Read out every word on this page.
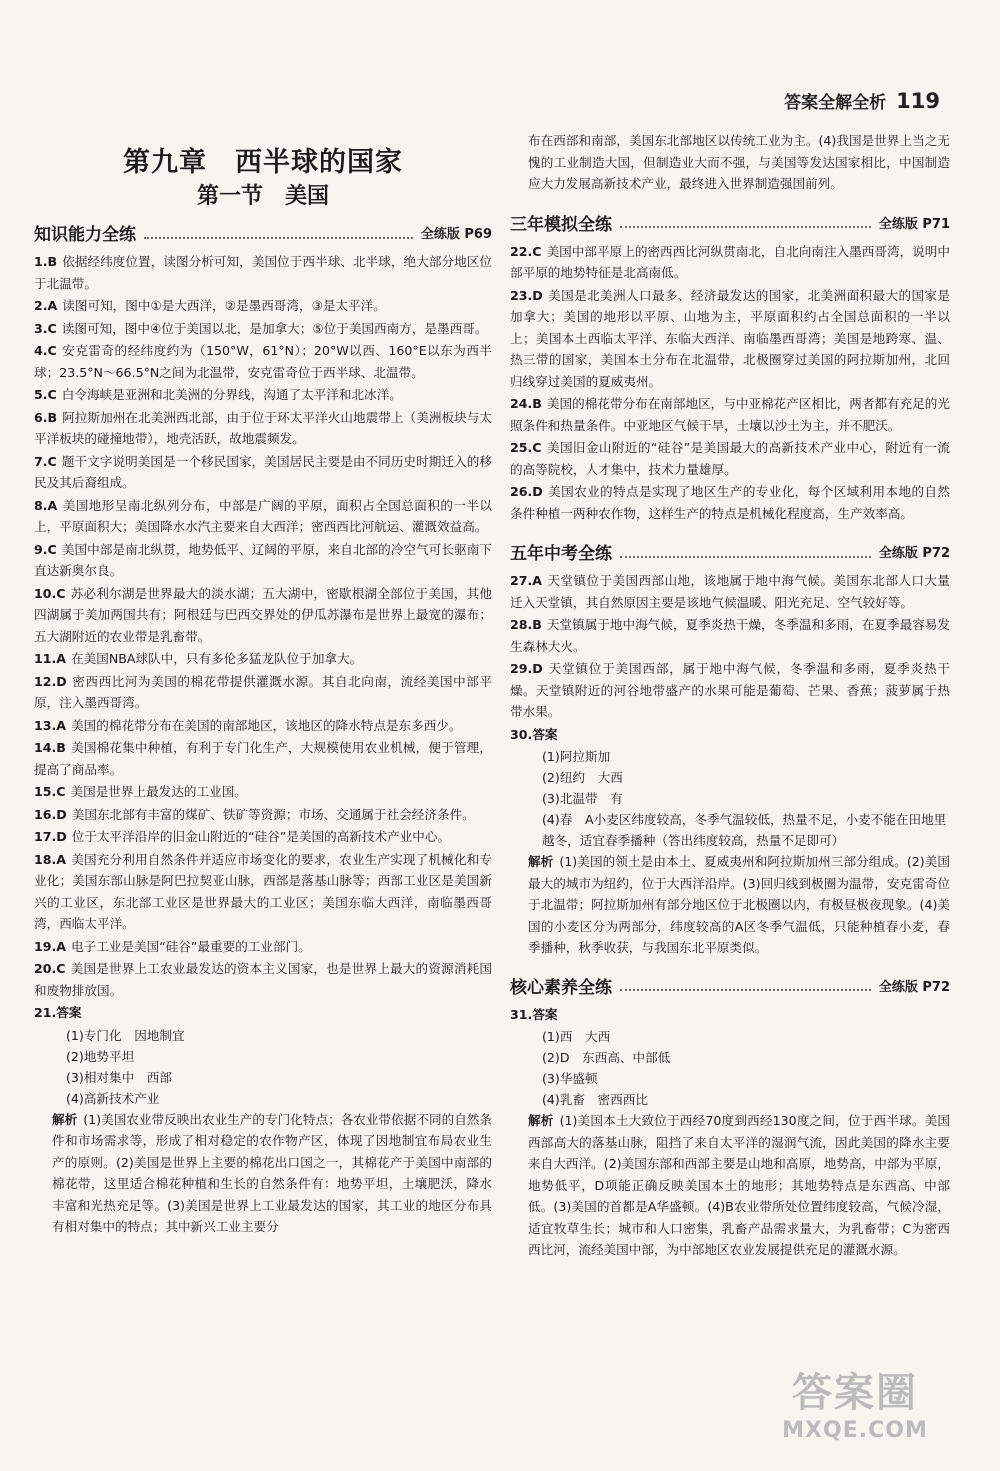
答案全解全析 119
第九章　西半球的国家
第一节　美国
知识能力全练	全练版 P69
1.B 依据经纬度位置，读图分析可知，美国位于西半球、北半球，绝大部分地区位于北温带。
2.A 读图可知，图中①是大西洋，②是墨西哥湾，③是太平洋。
3.C 读图可知，图中④位于美国以北，是加拿大；⑤位于美国西南方，是墨西哥。
4.C 安克雷奇的经纬度约为（150°W，61°N）；20°W以西、160°E以东为西半球；23.5°N～66.5°N之间为北温带，安克雷奇位于西半球、北温带。
5.C 白令海峡是亚洲和北美洲的分界线，沟通了太平洋和北冰洋。
6.B 阿拉斯加州在北美洲西北部，由于位于环太平洋火山地震带上（美洲板块与太平洋板块的碰撞地带），地壳活跃，故地震频发。
7.C 题干文字说明美国是一个移民国家，美国居民主要是由不同历史时期迁入的移民及其后裔组成。
8.A 美国地形呈南北纵列分布，中部是广阔的平原，面积占全国总面积的一半以上，平原面积大；美国降水水汽主要来自大西洋；密西西比河航运、灌溉效益高。
9.C 美国中部是南北纵贯，地势低平、辽阔的平原，来自北部的冷空气可长驱南下直达新奥尔良。
10.C 苏必利尔湖是世界最大的淡水湖；五大湖中，密歇根湖全部位于美国，其他四湖属于美加两国共有；阿根廷与巴西交界处的伊瓜苏瀑布是世界上最宽的瀑布；五大湖附近的农业带是乳畜带。
11.A 在美国NBA球队中，只有多伦多猛龙队位于加拿大。
12.D 密西西比河为美国的棉花带提供灌溉水源。其自北向南，流经美国中部平原，注入墨西哥湾。
13.A 美国的棉花带分布在美国的南部地区，该地区的降水特点是东多西少。
14.B 美国棉花集中种植，有利于专门化生产，大规模使用农业机械，便于管理，提高了商品率。
15.C 美国是世界上最发达的工业国。
16.D 美国东北部有丰富的煤矿、铁矿等资源；市场、交通属于社会经济条件。
17.D 位于太平洋沿岸的旧金山附近的“硅谷”是美国的高新技术产业中心。
18.A 美国充分利用自然条件并适应市场变化的要求，农业生产实现了机械化和专业化；美国东部山脉是阿巴拉契亚山脉，西部是落基山脉等；西部工业区是美国新兴的工业区，东北部工业区是世界最大的工业区；美国东临大西洋，南临墨西哥湾，西临太平洋。
19.A 电子工业是美国“硅谷”最重要的工业部门。
20.C 美国是世界上工农业最发达的资本主义国家，也是世界上最大的资源消耗国和废物排放国。
21.答案
(1)专门化　因地制宜
(2)地势平坦
(3)相对集中　西部
(4)高新技术产业
解析 (1)美国农业带反映出农业生产的专门化特点；各农业带依据不同的自然条件和市场需求等，形成了相对稳定的农作物产区，体现了因地制宜布局农业生产的原则。(2)美国是世界上主要的棉花出口国之一，其棉花产于美国中南部的棉花带，这里适合棉花种植和生长的自然条件有：地势平坦，土壤肥沃，降水丰富和光热充足等。(3)美国是世界上工业最发达的国家，其工业的地区分布具有相对集中的特点；其中新兴工业主要分
布在西部和南部，美国东北部地区以传统工业为主。(4)我国是世界上当之无愧的工业制造大国，但制造业大而不强，与美国等发达国家相比，中国制造应大力发展高新技术产业，最终进入世界制造强国前列。
三年模拟全练	全练版 P71
22.C 美国中部平原上的密西西比河纵贯南北，自北向南注入墨西哥湾，说明中部平原的地势特征是北高南低。
23.D 美国是北美洲人口最多、经济最发达的国家，北美洲面积最大的国家是加拿大；美国的地形以平原、山地为主，平原面积约占全国总面积的一半以上；美国本土西临太平洋、东临大西洋、南临墨西哥湾；美国是地跨寒、温、热三带的国家，美国本土分布在北温带，北极圈穿过美国的阿拉斯加州，北回归线穿过美国的夏威夷州。
24.B 美国的棉花带分布在南部地区，与中亚棉花产区相比，两者都有充足的光照条件和热量条件。中亚地区气候干旱，土壤以沙土为主，并不肥沃。
25.C 美国旧金山附近的“硅谷”是美国最大的高新技术产业中心，附近有一流的高等院校，人才集中，技术力量雄厚。
26.D 美国农业的特点是实现了地区生产的专业化，每个区域利用本地的自然条件种植一两种农作物，这样生产的特点是机械化程度高，生产效率高。
五年中考全练	全练版 P72
27.A 天堂镇位于美国西部山地，该地属于地中海气候。美国东北部人口大量迁入天堂镇，其自然原因主要是该地气候温暖、阳光充足、空气较好等。
28.B 天堂镇属于地中海气候，夏季炎热干燥，冬季温和多雨，在夏季最容易发生森林大火。
29.D 天堂镇位于美国西部，属于地中海气候，冬季温和多雨，夏季炎热干燥。天堂镇附近的河谷地带盛产的水果可能是葡萄、芒果、香蕉；菠萝属于热带水果。
30.答案
(1)阿拉斯加
(2)纽约　大西
(3)北温带　有
(4)春　A小麦区纬度较高，冬季气温较低，热量不足，小麦不能在田地里越冬，适宜春季播种（答出纬度较高，热量不足即可）
解析 (1)美国的领土是由本土、夏威夷州和阿拉斯加州三部分组成。(2)美国最大的城市为纽约，位于大西洋沿岸。(3)回归线到极圈为温带，安克雷奇位于北温带；阿拉斯加州有部分地区位于北极圈以内，有极昼极夜现象。(4)美国的小麦区分为两部分，纬度较高的A区冬季气温低，只能种植春小麦，春季播种，秋季收获，与我国东北平原类似。
核心素养全练	全练版 P72
31.答案
(1)西　大西
(2)D　东西高、中部低
(3)华盛顿
(4)乳畜　密西西比
解析 (1)美国本土大致位于西经70度到西经130度之间，位于西半球。美国西部高大的落基山脉，阻挡了来自太平洋的湿润气流，因此美国的降水主要来自大西洋。(2)美国东部和西部主要是山地和高原，地势高，中部为平原，地势低平，D项能正确反映美国本土的地形；其地势特点是东西高、中部低。(3)美国的首都是A华盛顿。(4)B农业带所处位置纬度较高，气候冷湿，适宜牧草生长；城市和人口密集，乳畜产品需求量大，为乳畜带；C为密西西比河，流经美国中部，为中部地区农业发展提供充足的灌溉水源。
答案圈
MXQE.COM
